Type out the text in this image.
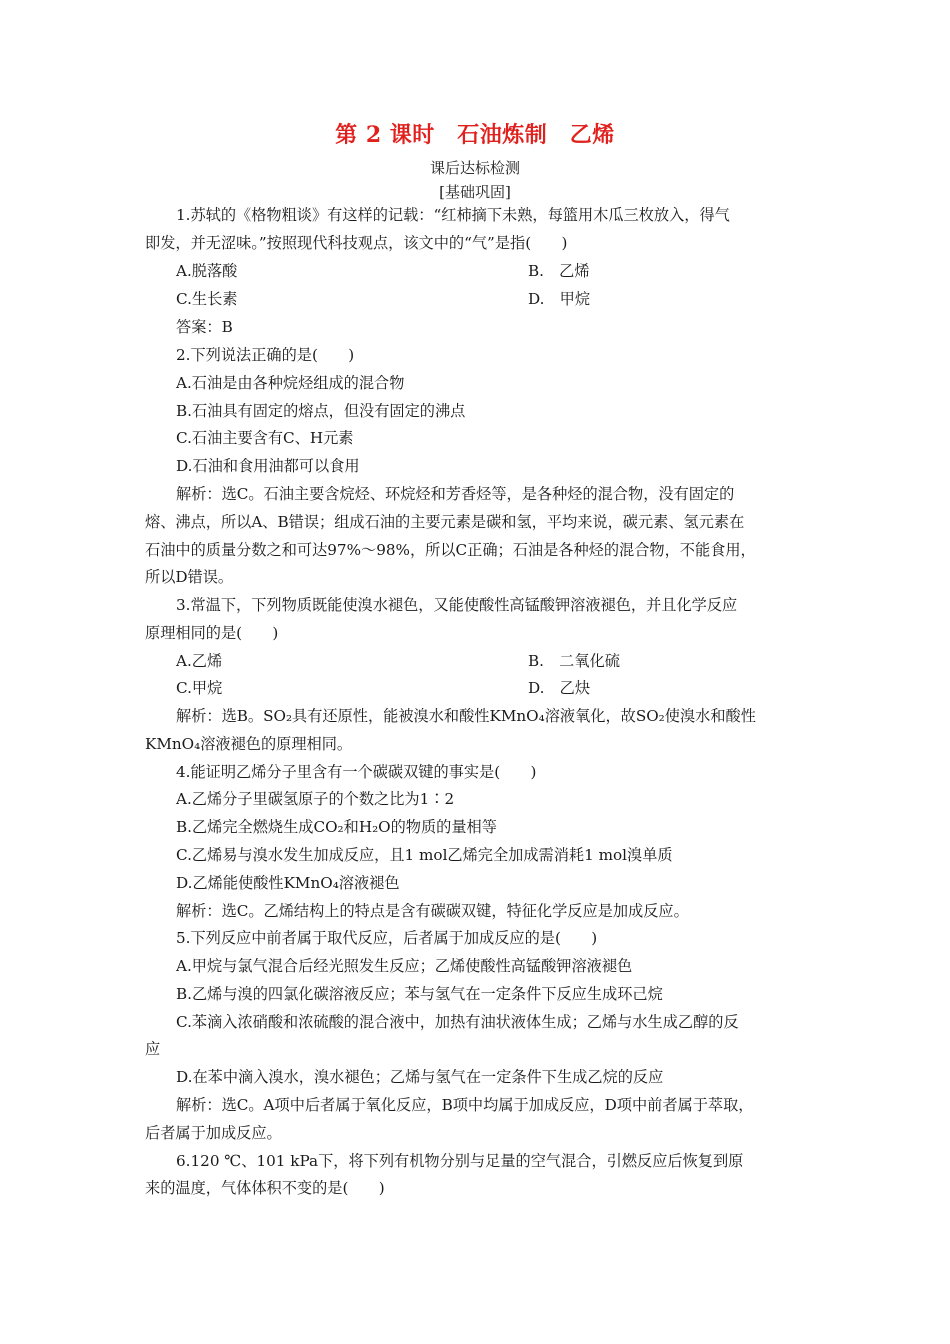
第 2 课时　石油炼制　乙烯
课后达标检测
[基础巩固]
1.苏轼的《格物粗谈》有这样的记载：“红柿摘下未熟，每篮用木瓜三枚放入，得气
即发，并无涩味。”按照现代科技观点，该文中的“气”是指(　　)
A.脱落酸	B.　乙烯
C.生长素	D.　甲烷
答案：B
2.下列说法正确的是(　　)
A.石油是由各种烷烃组成的混合物
B.石油具有固定的熔点，但没有固定的沸点
C.石油主要含有C、H元素
D.石油和食用油都可以食用
解析：选C。石油主要含烷烃、环烷烃和芳香烃等，是各种烃的混合物，没有固定的
熔、沸点，所以A、B错误；组成石油的主要元素是碳和氢，平均来说，碳元素、氢元素在
石油中的质量分数之和可达97%～98%，所以C正确；石油是各种烃的混合物，不能食用，
所以D错误。
3.常温下，下列物质既能使溴水褪色，又能使酸性高锰酸钾溶液褪色，并且化学反应
原理相同的是(　　)
A.乙烯	B.　二氧化硫
C.甲烷	D.　乙炔
解析：选B。SO₂具有还原性，能被溴水和酸性KMnO₄溶液氧化，故SO₂使溴水和酸性
KMnO₄溶液褪色的原理相同。
4.能证明乙烯分子里含有一个碳碳双键的事实是(　　)
A.乙烯分子里碳氢原子的个数之比为1∶2
B.乙烯完全燃烧生成CO₂和H₂O的物质的量相等
C.乙烯易与溴水发生加成反应，且1 mol乙烯完全加成需消耗1 mol溴单质
D.乙烯能使酸性KMnO₄溶液褪色
解析：选C。乙烯结构上的特点是含有碳碳双键，特征化学反应是加成反应。
5.下列反应中前者属于取代反应，后者属于加成反应的是(　　)
A.甲烷与氯气混合后经光照发生反应；乙烯使酸性高锰酸钾溶液褪色
B.乙烯与溴的四氯化碳溶液反应；苯与氢气在一定条件下反应生成环己烷
C.苯滴入浓硝酸和浓硫酸的混合液中，加热有油状液体生成；乙烯与水生成乙醇的反
应
D.在苯中滴入溴水，溴水褪色；乙烯与氢气在一定条件下生成乙烷的反应
解析：选C。A项中后者属于氧化反应，B项中均属于加成反应，D项中前者属于萃取，
后者属于加成反应。
6.120 ℃、101 kPa下，将下列有机物分别与足量的空气混合，引燃反应后恢复到原
来的温度，气体体积不变的是(　　)
